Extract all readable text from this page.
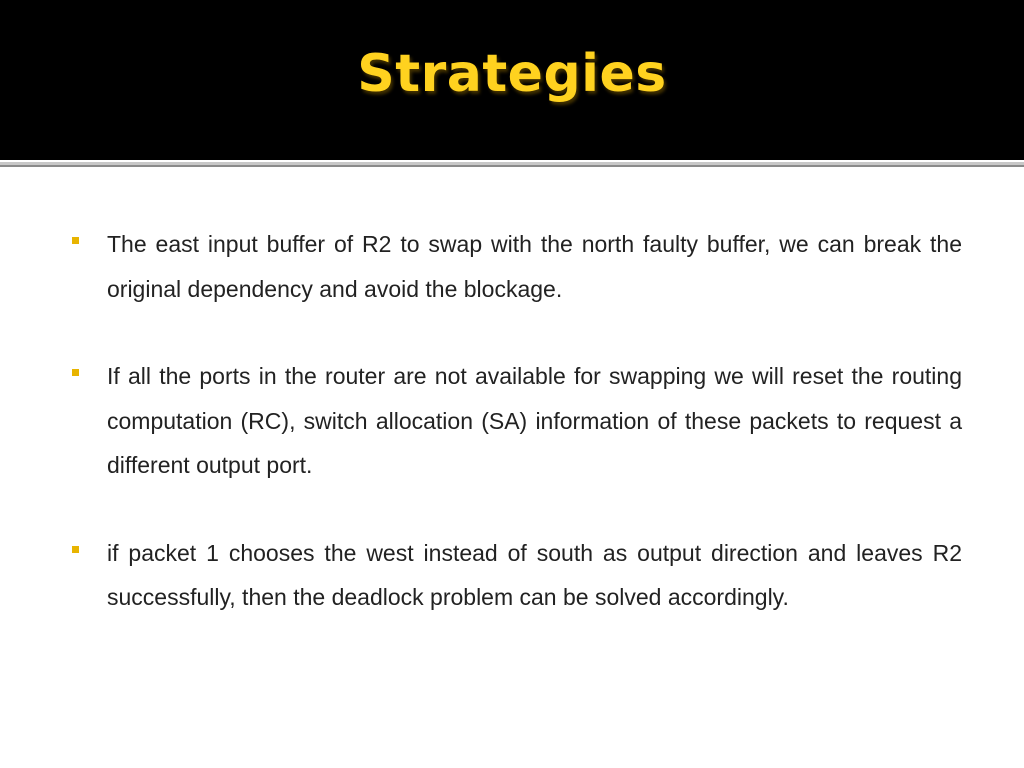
Strategies
The east input buffer of R2 to swap with the north faulty buffer, we can break the original dependency and avoid the blockage.
If all the ports in the router are not available for swapping we will reset the routing computation (RC), switch allocation (SA) information of these packets to request a different output port.
if packet 1 chooses the west instead of south as output direction and leaves R2 successfully, then the deadlock problem can be solved accordingly.
